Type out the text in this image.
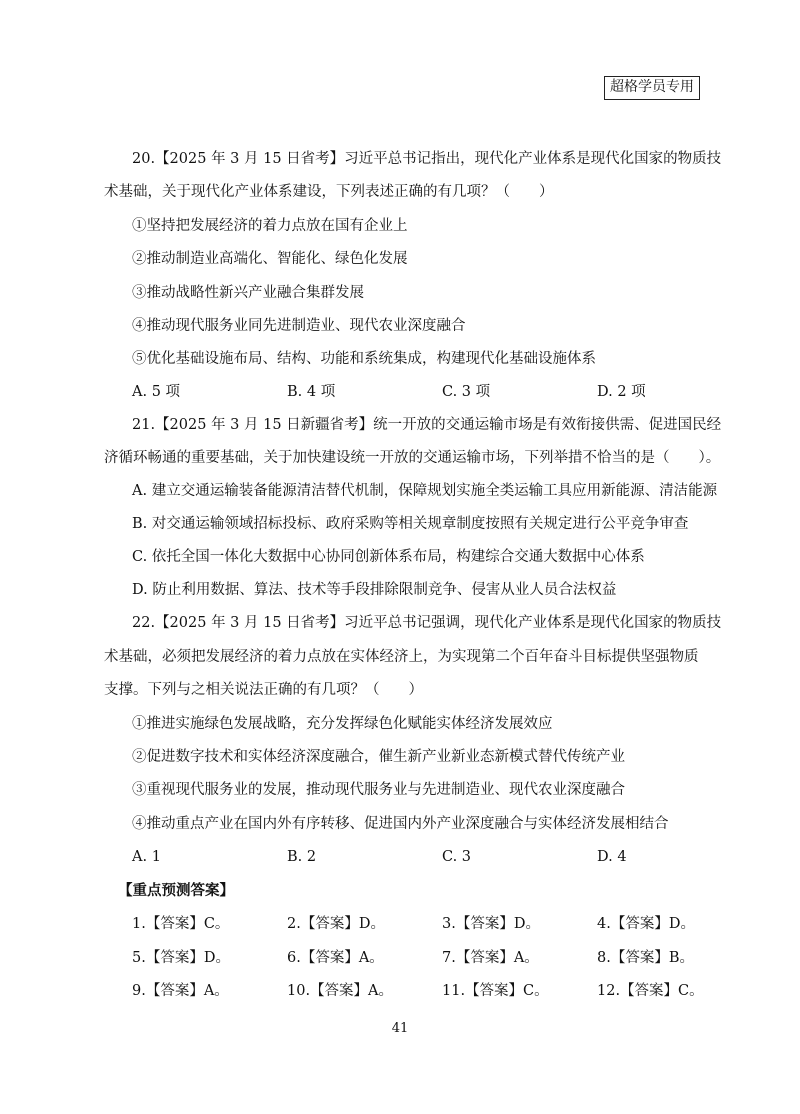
超格学员专用
20.【2025 年 3 月 15 日省考】习近平总书记指出，现代化产业体系是现代化国家的物质技
术基础，关于现代化产业体系建设，下列表述正确的有几项？（　　）
①坚持把发展经济的着力点放在国有企业上
②推动制造业高端化、智能化、绿色化发展
③推动战略性新兴产业融合集群发展
④推动现代服务业同先进制造业、现代农业深度融合
⑤优化基础设施布局、结构、功能和系统集成，构建现代化基础设施体系
A. 5 项	B. 4 项	C. 3 项	D. 2 项
21.【2025 年 3 月 15 日新疆省考】统一开放的交通运输市场是有效衔接供需、促进国民经
济循环畅通的重要基础，关于加快建设统一开放的交通运输市场，下列举措不恰当的是（　　）。
A. 建立交通运输装备能源清洁替代机制，保障规划实施全类运输工具应用新能源、清洁能源
B. 对交通运输领域招标投标、政府采购等相关规章制度按照有关规定进行公平竞争审查
C. 依托全国一体化大数据中心协同创新体系布局，构建综合交通大数据中心体系
D. 防止利用数据、算法、技术等手段排除限制竞争、侵害从业人员合法权益
22.【2025 年 3 月 15 日省考】习近平总书记强调，现代化产业体系是现代化国家的物质技
术基础，必须把发展经济的着力点放在实体经济上，为实现第二个百年奋斗目标提供坚强物质
支撑。下列与之相关说法正确的有几项？（　　）
①推进实施绿色发展战略，充分发挥绿色化赋能实体经济发展效应
②促进数字技术和实体经济深度融合，催生新产业新业态新模式替代传统产业
③重视现代服务业的发展，推动现代服务业与先进制造业、现代农业深度融合
④推动重点产业在国内外有序转移、促进国内外产业深度融合与实体经济发展相结合
A. 1	B. 2	C. 3	D. 4
【重点预测答案】
1.【答案】C。	2.【答案】D。	3.【答案】D。	4.【答案】D。
5.【答案】D。	6.【答案】A。	7.【答案】A。	8.【答案】B。
9.【答案】A。	10.【答案】A。	11.【答案】C。	12.【答案】C。
41
